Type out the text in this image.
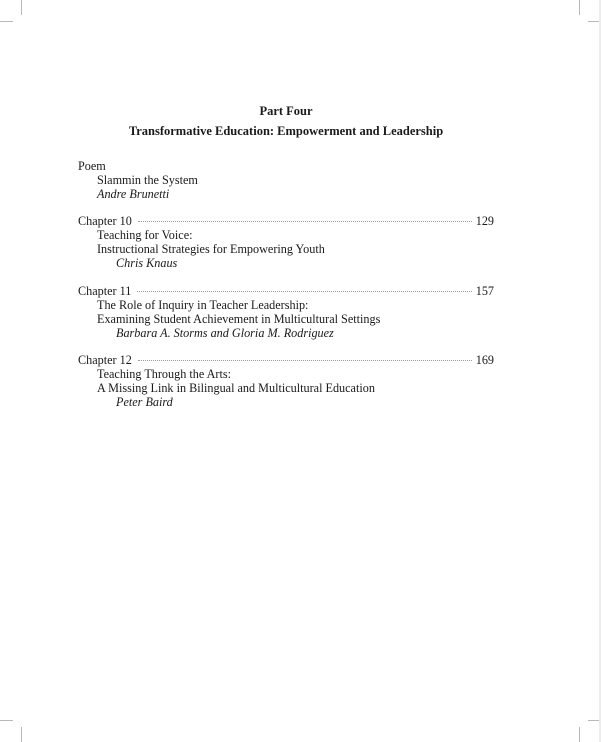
Part Four
Transformative Education: Empowerment and Leadership
Poem
Slammin the System
Andre Brunetti
Chapter 10	129
Teaching for Voice:
Instructional Strategies for Empowering Youth
Chris Knaus
Chapter 11	157
The Role of Inquiry in Teacher Leadership:
Examining Student Achievement in Multicultural Settings
Barbara A. Storms and Gloria M. Rodriguez
Chapter 12	169
Teaching Through the Arts:
A Missing Link in Bilingual and Multicultural Education
Peter Baird
